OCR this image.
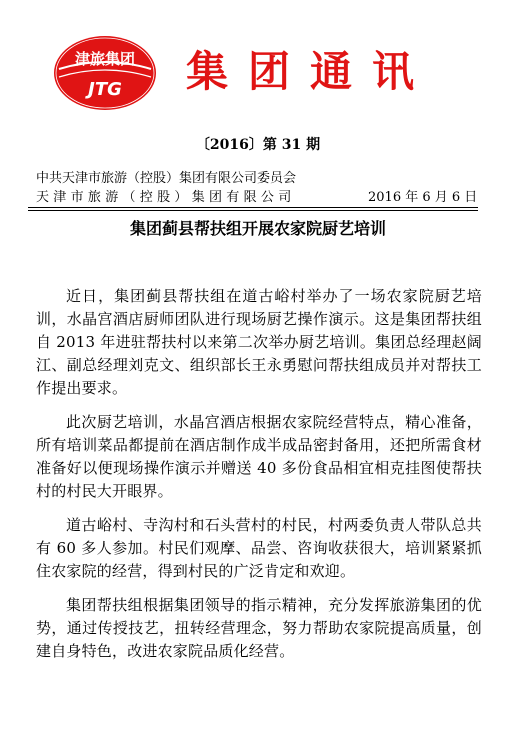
津旅集团
JTG 集团通讯
〔2016〕第 31 期
中共天津市旅游（控股）集团有限公司委员会
天津市旅游（控股）集团有限公司	2016 年 6 月 6 日
集团蓟县帮扶组开展农家院厨艺培训

近日，集团蓟县帮扶组在道古峪村举办了一场农家院厨艺培训，水晶宫酒店厨师团队进行现场厨艺操作演示。这是集团帮扶组自 2013 年进驻帮扶村以来第二次举办厨艺培训。集团总经理赵阔江、副总经理刘克文、组织部长王永勇慰问帮扶组成员并对帮扶工作提出要求。

此次厨艺培训，水晶宫酒店根据农家院经营特点，精心准备，所有培训菜品都提前在酒店制作成半成品密封备用，还把所需食材准备好以便现场操作演示并赠送 40 多份食品相宜相克挂图使帮扶村的村民大开眼界。

道古峪村、寺沟村和石头营村的村民，村两委负责人带队总共有 60 多人参加。村民们观摩、品尝、咨询收获很大，培训紧紧抓住农家院的经营，得到村民的广泛肯定和欢迎。

集团帮扶组根据集团领导的指示精神，充分发挥旅游集团的优势，通过传授技艺，扭转经营理念，努力帮助农家院提高质量，创建自身特色，改进农家院品质化经营。
